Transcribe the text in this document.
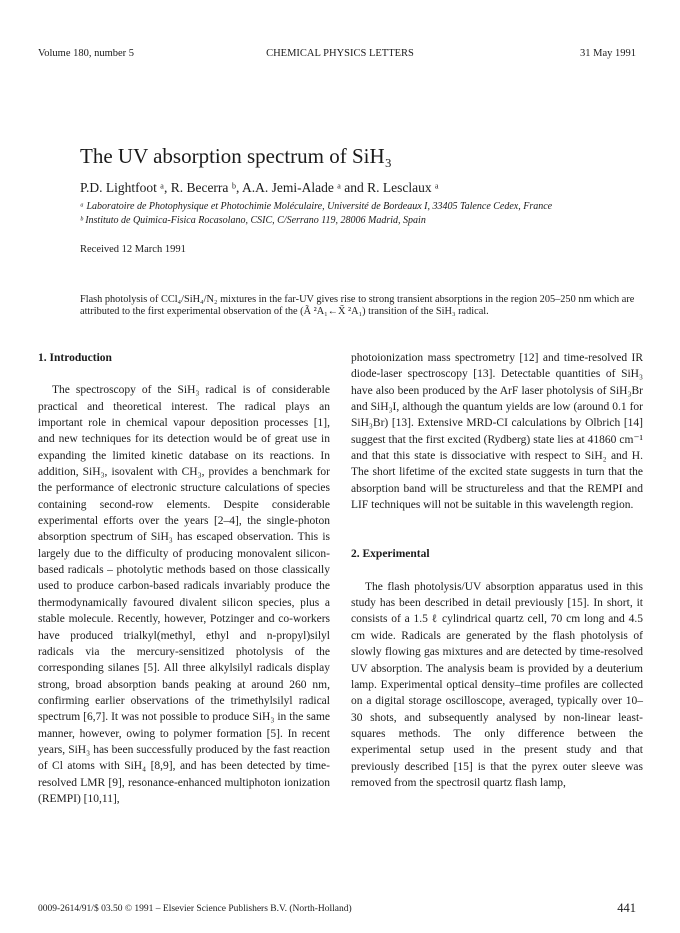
Volume 180, number 5	CHEMICAL PHYSICS LETTERS	31 May 1991
The UV absorption spectrum of SiH₃
P.D. Lightfoot ᵃ, R. Becerra ᵇ, A.A. Jemi-Alade ᵃ and R. Lesclaux ᵃ
ᵃ Laboratoire de Photophysique et Photochimie Moléculaire, Université de Bordeaux I, 33405 Talence Cedex, France
ᵇ Instituto de Quimica-Fisica Rocasolano, CSIC, C/Serrano 119, 28006 Madrid, Spain
Received 12 March 1991
Flash photolysis of CCl₄/SiH₄/N₂ mixtures in the far-UV gives rise to strong transient absorptions in the region 205–250 nm which are attributed to the first experimental observation of the (Ã ²A₁←X̃ ²A₁) transition of the SiH₃ radical.
1. Introduction

The spectroscopy of the SiH₃ radical is of considerable practical and theoretical interest. The radical plays an important role in chemical vapour deposition processes [1], and new techniques for its detection would be of great use in expanding the limited kinetic database on its reactions. In addition, SiH₃, isovalent with CH₃, provides a benchmark for the performance of electronic structure calculations of species containing second-row elements. Despite considerable experimental efforts over the years [2–4], the single-photon absorption spectrum of SiH₃ has escaped observation. This is largely due to the difficulty of producing monovalent silicon-based radicals – photolytic methods based on those classically used to produce carbon-based radicals invariably produce the thermodynamically favoured divalent silicon species, plus a stable molecule. Recently, however, Potzinger and co-workers have produced trialkyl(methyl, ethyl and n-propyl)silyl radicals via the mercury-sensitized photolysis of the corresponding silanes [5]. All three alkylsilyl radicals display strong, broad absorption bands peaking at around 260 nm, confirming earlier observations of the trimethylsilyl radical spectrum [6,7]. It was not possible to produce SiH₃ in the same manner, however, owing to polymer formation [5]. In recent years, SiH₃ has been successfully produced by the fast reaction of Cl atoms with SiH₄ [8,9], and has been detected by time-resolved LMR [9], resonance-enhanced multiphoton ionization (REMPI) [10,11],

photoionization mass spectrometry [12] and time-resolved IR diode-laser spectroscopy [13]. Detectable quantities of SiH₃ have also been produced by the ArF laser photolysis of SiH₃Br and SiH₃I, although the quantum yields are low (around 0.1 for SiH₃Br) [13]. Extensive MRD-CI calculations by Olbrich [14] suggest that the first excited (Rydberg) state lies at 41860 cm⁻¹ and that this state is dissociative with respect to SiH₂ and H. The short lifetime of the excited state suggests in turn that the absorption band will be structureless and that the REMPI and LIF techniques will not be suitable in this wavelength region.

2. Experimental

The flash photolysis/UV absorption apparatus used in this study has been described in detail previously [15]. In short, it consists of a 1.5 ℓ cylindrical quartz cell, 70 cm long and 4.5 cm wide. Radicals are generated by the flash photolysis of slowly flowing gas mixtures and are detected by time-resolved UV absorption. The analysis beam is provided by a deuterium lamp. Experimental optical density–time profiles are collected on a digital storage oscilloscope, averaged, typically over 10–30 shots, and subsequently analysed by non-linear least-squares methods. The only difference between the experimental setup used in the present study and that previously described [15] is that the pyrex outer sleeve was removed from the spectrosil quartz flash lamp,

0009-2614/91/$ 03.50 © 1991 – Elsevier Science Publishers B.V. (North-Holland)	441
